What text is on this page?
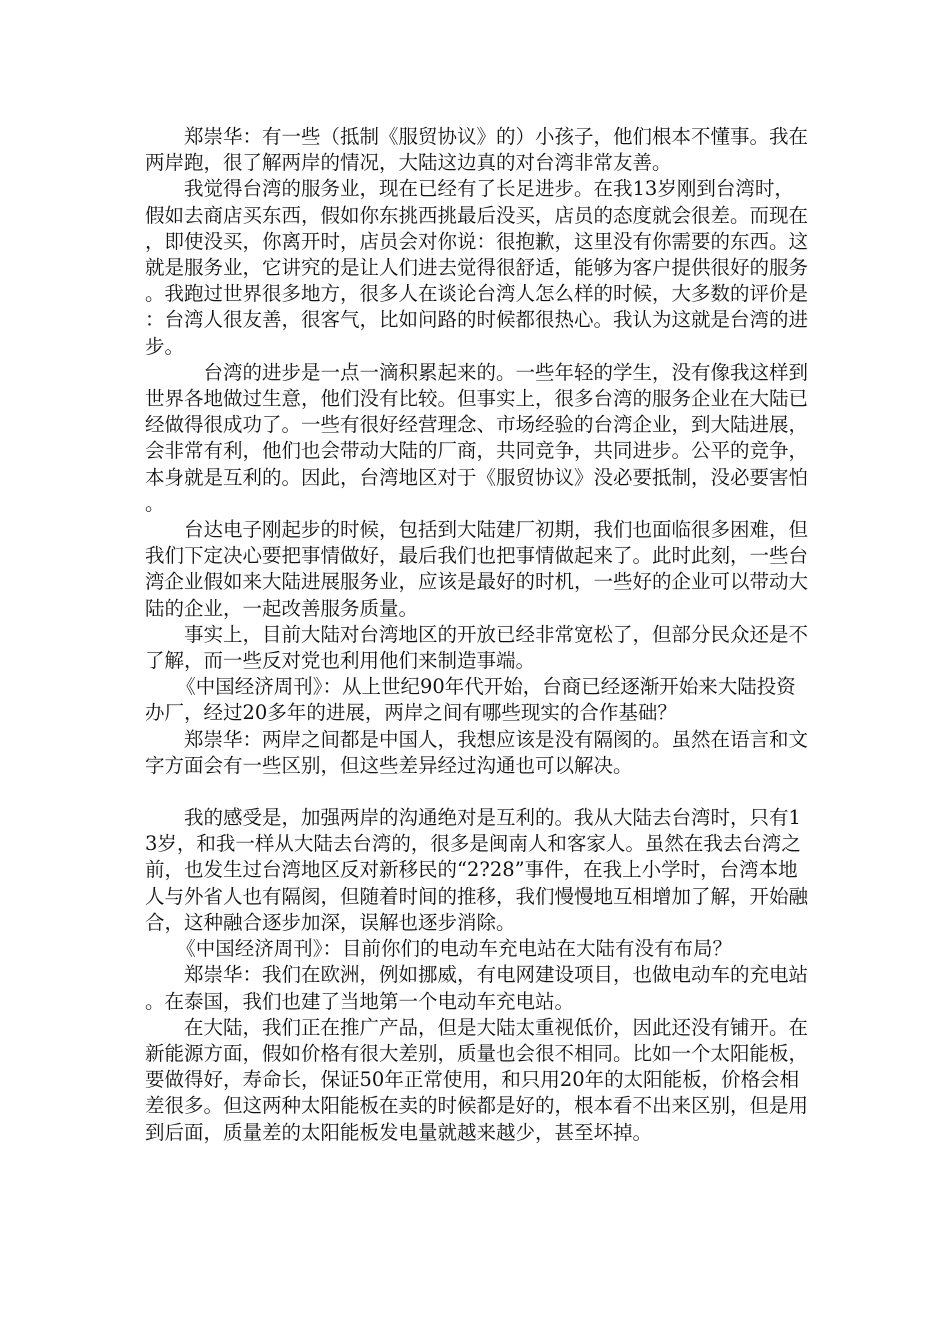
郑崇华：有一些（抵制《服贸协议》的）小孩子，他们根本不懂事。我在两岸跑，很了解两岸的情况，大陆这边真的对台湾非常友善。

我觉得台湾的服务业，现在已经有了长足进步。在我13岁刚到台湾时，假如去商店买东西，假如你东挑西挑最后没买，店员的态度就会很差。而现在，即使没买，你离开时，店员会对你说：很抱歉，这里没有你需要的东西。这就是服务业，它讲究的是让人们进去觉得很舒适，能够为客户提供很好的服务。我跑过世界很多地方，很多人在谈论台湾人怎么样的时候，大多数的评价是：台湾人很友善，很客气，比如问路的时候都很热心。我认为这就是台湾的进步。

台湾的进步是一点一滴积累起来的。一些年轻的学生，没有像我这样到世界各地做过生意，他们没有比较。但事实上，很多台湾的服务企业在大陆已经做得很成功了。一些有很好经营理念、市场经验的台湾企业，到大陆进展，会非常有利，他们也会带动大陆的厂商，共同竞争，共同进步。公平的竞争，本身就是互利的。因此，台湾地区对于《服贸协议》没必要抵制，没必要害怕。

台达电子刚起步的时候，包括到大陆建厂初期，我们也面临很多困难，但我们下定决心要把事情做好，最后我们也把事情做起来了。此时此刻，一些台湾企业假如来大陆进展服务业，应该是最好的时机，一些好的企业可以带动大陆的企业，一起改善服务质量。

事实上，目前大陆对台湾地区的开放已经非常宽松了，但部分民众还是不了解，而一些反对党也利用他们来制造事端。

《中国经济周刊》：从上世纪90年代开始，台商已经逐渐开始来大陆投资办厂，经过20多年的进展，两岸之间有哪些现实的合作基础？

郑崇华：两岸之间都是中国人，我想应该是没有隔阂的。虽然在语言和文字方面会有一些区别，但这些差异经过沟通也可以解决。

我的感受是，加强两岸的沟通绝对是互利的。我从大陆去台湾时，只有13岁，和我一样从大陆去台湾的，很多是闽南人和客家人。虽然在我去台湾之前，也发生过台湾地区反对新移民的“2?28”事件，在我上小学时，台湾本地人与外省人也有隔阂，但随着时间的推移，我们慢慢地互相增加了解，开始融合，这种融合逐步加深，误解也逐步消除。

《中国经济周刊》：目前你们的电动车充电站在大陆有没有布局？

郑崇华：我们在欧洲，例如挪威，有电网建设项目，也做电动车的充电站。在泰国，我们也建了当地第一个电动车充电站。

在大陆，我们正在推广产品，但是大陆太重视低价，因此还没有铺开。在新能源方面，假如价格有很大差别，质量也会很不相同。比如一个太阳能板，要做得好，寿命长，保证50年正常使用，和只用20年的太阳能板，价格会相差很多。但这两种太阳能板在卖的时候都是好的，根本看不出来区别，但是用到后面，质量差的太阳能板发电量就越来越少，甚至坏掉。
